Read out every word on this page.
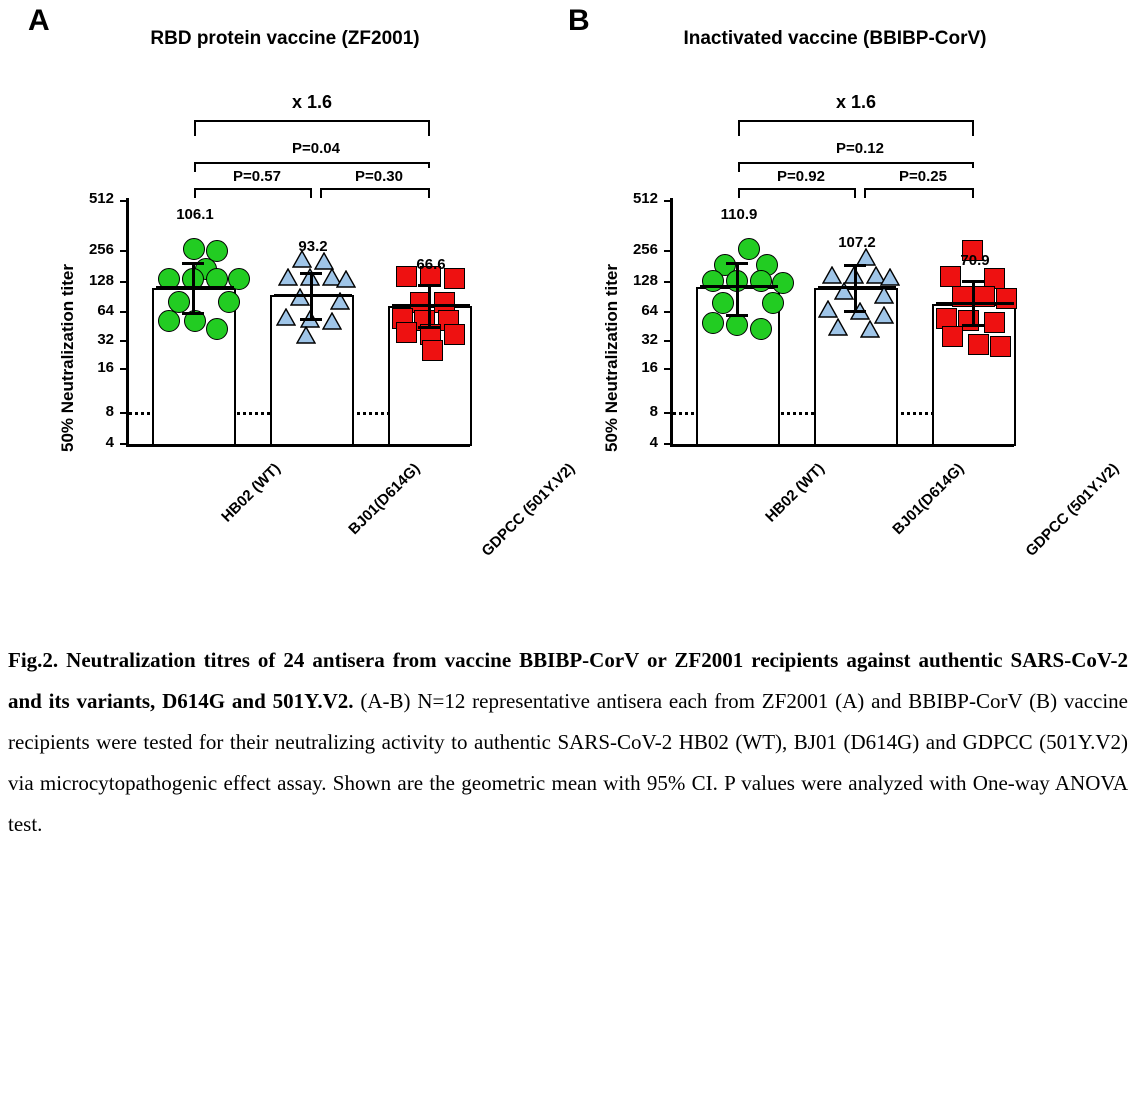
A
RBD protein vaccine (ZF2001)
50% Neutralization titer
512
256
128
64
32
16
8
4
106.1
93.2
66.6
x 1.6
P=0.04
P=0.57	P=0.30
HB02 (WT)	BJ01(D614G)	GDPCC (501Y.V2)
B
Inactivated vaccine (BBIBP-CorV)
50% Neutralization titer
512
256
128
64
32
16
8
4
110.9
107.2
70.9
x 1.6
P=0.12
P=0.92	P=0.25
HB02 (WT)	BJ01(D614G)	GDPCC (501Y.V2)
Fig.2. Neutralization titres of 24 antisera from vaccine BBIBP-CorV or ZF2001 recipients against authentic SARS-CoV-2 and its variants, D614G and 501Y.V2. (A-B) N=12 representative antisera each from ZF2001 (A) and BBIBP-CorV (B) vaccine recipients were tested for their neutralizing activity to authentic SARS-CoV-2 HB02 (WT), BJ01 (D614G) and GDPCC (501Y.V2) via microcytopathogenic effect assay. Shown are the geometric mean with 95% CI. P values were analyzed with One-way ANOVA test.
